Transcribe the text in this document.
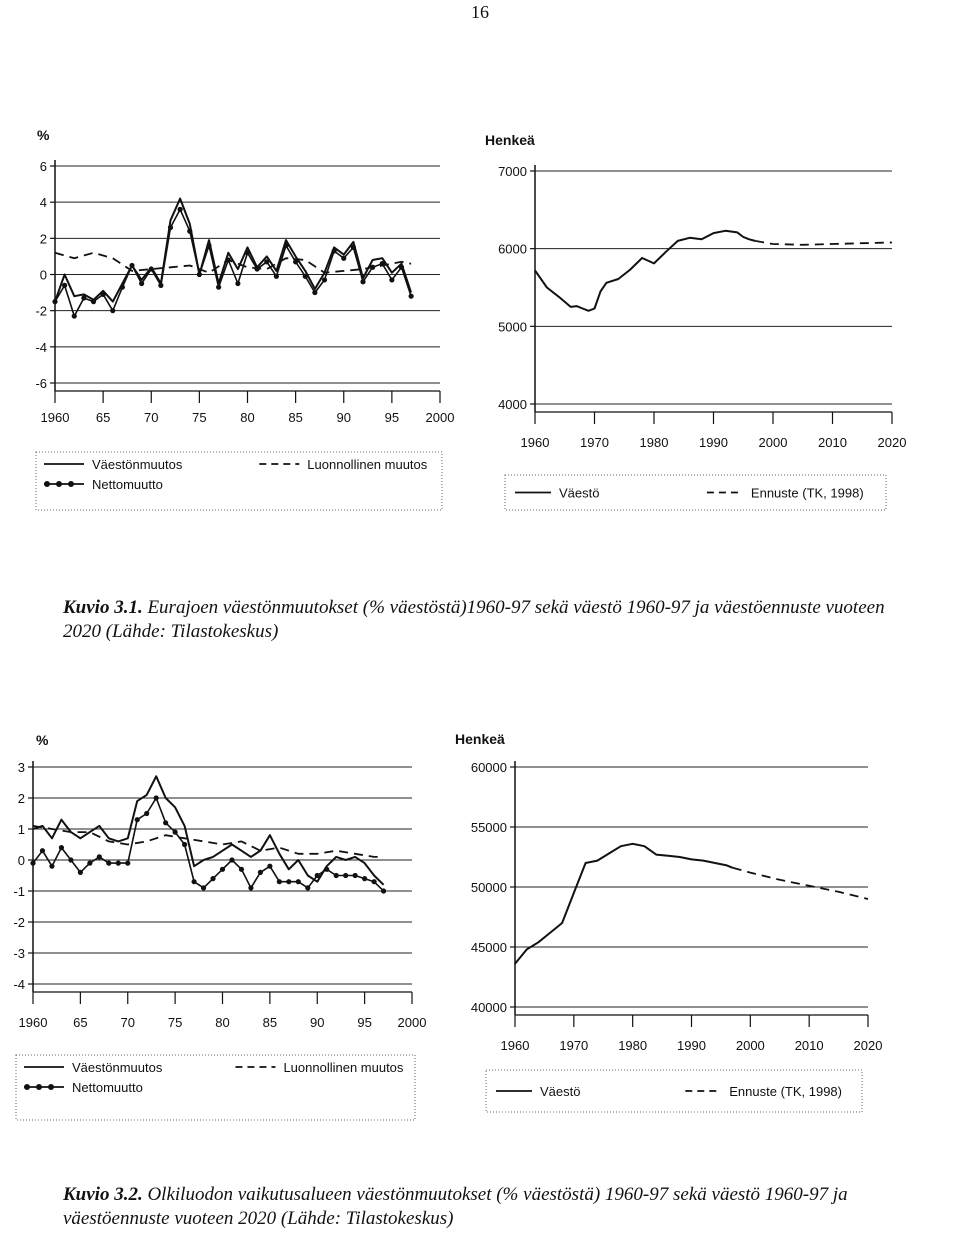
16
%
6
4
2
0
-2
-4
-6
1960 65	70	75	80	85	90	95 2000
Väestönmuutos	Luonnollinen muutos
Nettomuutto
Henkeä
7000
6000
5000
4000
1960 1970 1980 1990 2000 2010 2020
Väestö	Ennuste (TK, 1998)
%
3
2
1
0
-1
-2
-3
-4
1960 65	70	75	80	85	90	95 2000
Väestönmuutos	Luonnollinen muutos
Nettomuutto
Henkeä
60000
55000
50000
45000
40000
1960 1970 1980 1990 2000 2010 2020
Väestö	Ennuste (TK, 1998)
Kuvio 3.1. Eurajoen väestönmuutokset (% väestöstä)1960-97 sekä väestö 1960-97 ja väestöennuste vuoteen 2020 (Lähde: Tilastokeskus)
Kuvio 3.2. Olkiluodon vaikutusalueen väestönmuutokset (% väestöstä) 1960-97 sekä väestö 1960-97 ja väestöennuste vuoteen 2020 (Lähde: Tilastokeskus)
